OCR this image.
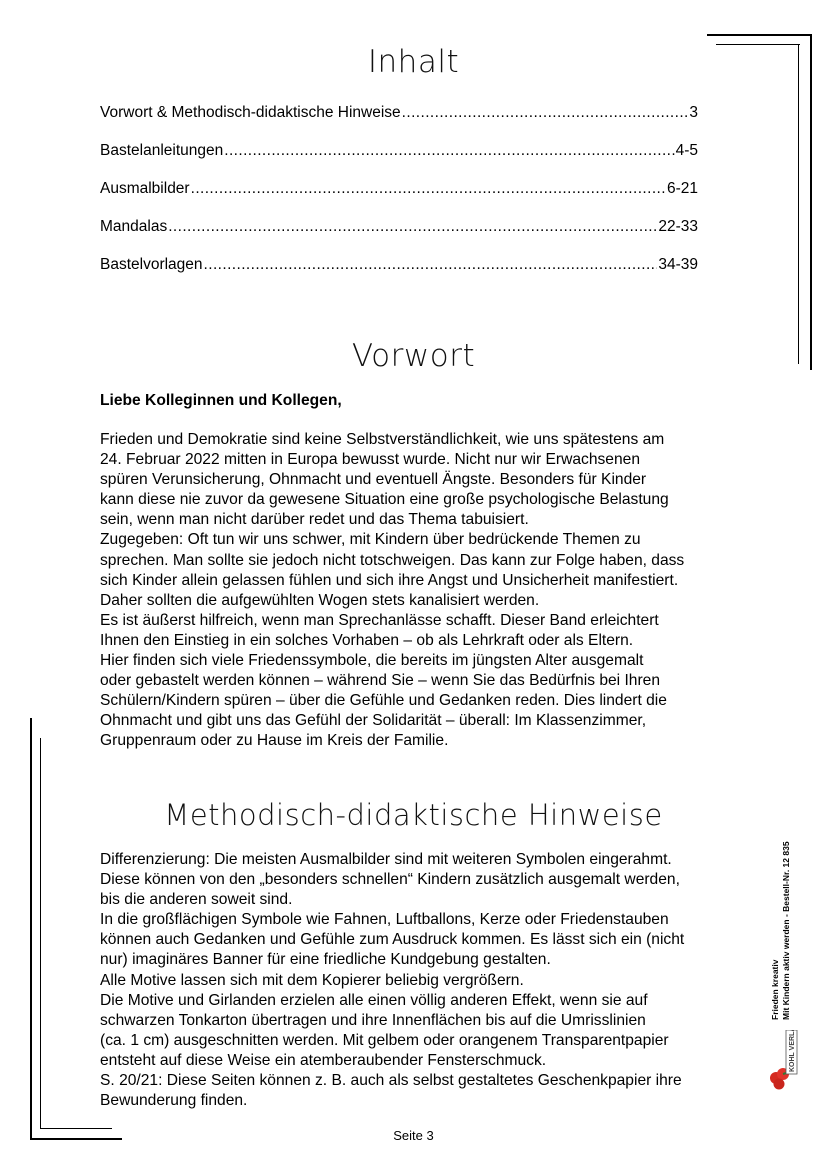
Inhalt
Vorwort & Methodisch-didaktische Hinweise .....	3
Bastelanleitungen .....	4-5
Ausmalbilder .....	6-21
Mandalas .....	22-33
Bastelvorlagen .....	34-39
Vorwort

Liebe Kolleginnen und Kollegen,

Frieden und Demokratie sind keine Selbstverständlichkeit, wie uns spätestens am

24. Februar 2022 mitten in Europa bewusst wurde. Nicht nur wir Erwachsenen

spüren Verunsicherung, Ohnmacht und eventuell Ängste. Besonders für Kinder

kann diese nie zuvor da gewesene Situation eine große psychologische Belastung

sein, wenn man nicht darüber redet und das Thema tabuisiert.

Zugegeben: Oft tun wir uns schwer, mit Kindern über bedrückende Themen zu

sprechen. Man sollte sie jedoch nicht totschweigen. Das kann zur Folge haben, dass

sich Kinder allein gelassen fühlen und sich ihre Angst und Unsicherheit manifestiert.

Daher sollten die aufgewühlten Wogen stets kanalisiert werden.

Es ist äußerst hilfreich, wenn man Sprechanlässe schafft. Dieser Band erleichtert

Ihnen den Einstieg in ein solches Vorhaben – ob als Lehrkraft oder als Eltern.

Hier finden sich viele Friedenssymbole, die bereits im jüngsten Alter ausgemalt

oder gebastelt werden können – während Sie – wenn Sie das Bedürfnis bei Ihren

Schülern/Kindern spüren – über die Gefühle und Gedanken reden. Dies lindert die

Ohnmacht und gibt uns das Gefühl der Solidarität – überall: Im Klassenzimmer,

Gruppenraum oder zu Hause im Kreis der Familie.

Methodisch-didaktische Hinweise

Differenzierung: Die meisten Ausmalbilder sind mit weiteren Symbolen eingerahmt.

Diese können von den „besonders schnellen“ Kindern zusätzlich ausgemalt werden,

bis die anderen soweit sind.

In die großflächigen Symbole wie Fahnen, Luftballons, Kerze oder Friedenstauben

können auch Gedanken und Gefühle zum Ausdruck kommen. Es lässt sich ein (nicht

nur) imaginäres Banner für eine friedliche Kundgebung gestalten.

Alle Motive lassen sich mit dem Kopierer beliebig vergrößern.

Die Motive und Girlanden erzielen alle einen völlig anderen Effekt, wenn sie auf

schwarzen Tonkarton übertragen und ihre Innenflächen bis auf die Umrisslinien

(ca. 1 cm) ausgeschnitten werden. Mit gelbem oder orangenem Transparentpapier

entsteht auf diese Weise ein atemberaubender Fensterschmuck.

S. 20/21: Diese Seiten können z. B. auch als selbst gestaltetes Geschenkpapier ihre

Bewunderung finden.

Frieden kreativ Mit Kindern aktiv werden - Bestell-Nr. 12 835
KOHL VERLAG
Seite 3
